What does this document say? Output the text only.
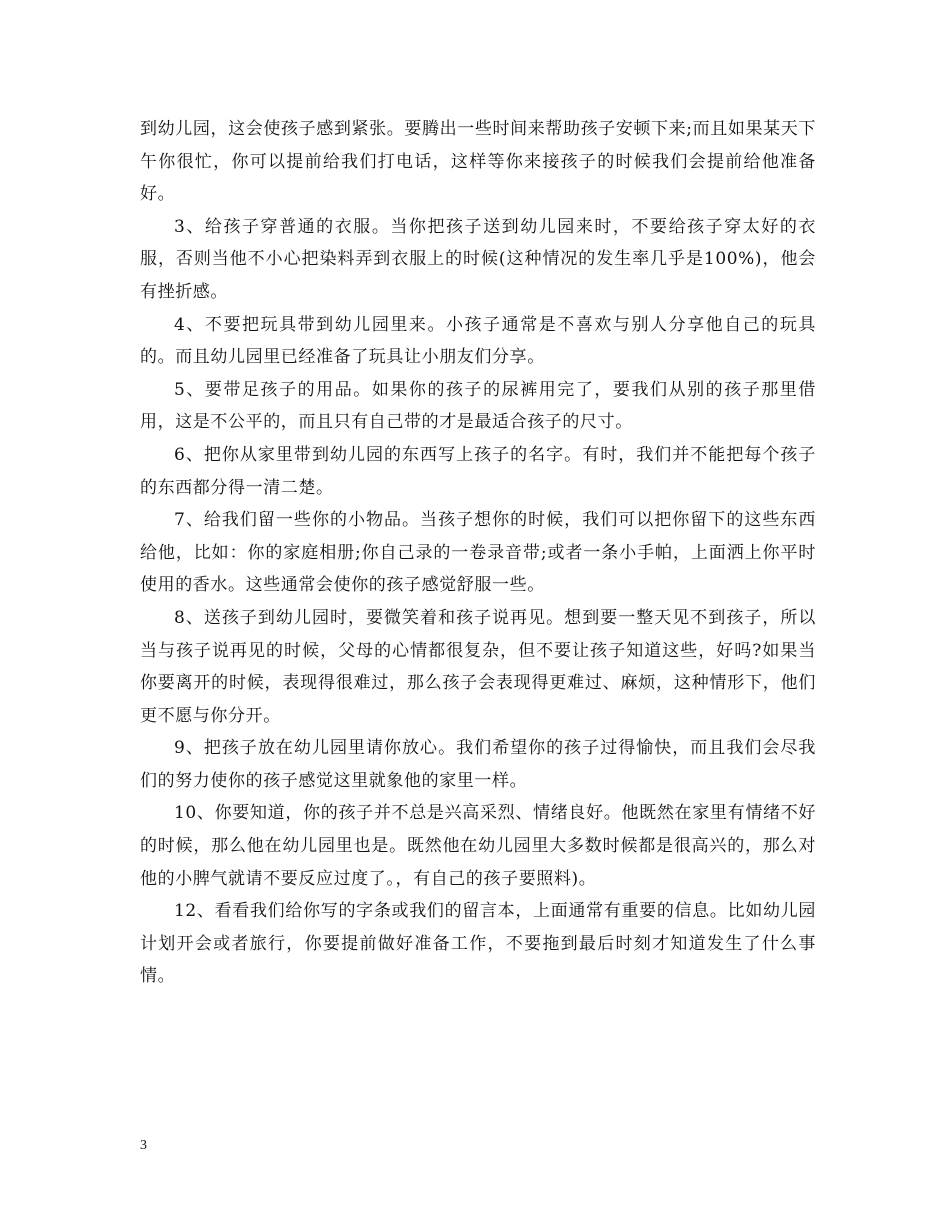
到幼儿园，这会使孩子感到紧张。要腾出一些时间来帮助孩子安顿下来;而且如果某天下午你很忙，你可以提前给我们打电话，这样等你来接孩子的时候我们会提前给他准备好。

3、给孩子穿普通的衣服。当你把孩子送到幼儿园来时，不要给孩子穿太好的衣服，否则当他不小心把染料弄到衣服上的时候(这种情况的发生率几乎是100%)，他会有挫折感。

4、不要把玩具带到幼儿园里来。小孩子通常是不喜欢与别人分享他自己的玩具的。而且幼儿园里已经准备了玩具让小朋友们分享。

5、要带足孩子的用品。如果你的孩子的尿裤用完了，要我们从别的孩子那里借用，这是不公平的，而且只有自己带的才是最适合孩子的尺寸。

6、把你从家里带到幼儿园的东西写上孩子的名字。有时，我们并不能把每个孩子的东西都分得一清二楚。

7、给我们留一些你的小物品。当孩子想你的时候，我们可以把你留下的这些东西给他，比如：你的家庭相册;你自己录的一卷录音带;或者一条小手帕，上面洒上你平时使用的香水。这些通常会使你的孩子感觉舒服一些。

8、送孩子到幼儿园时，要微笑着和孩子说再见。想到要一整天见不到孩子，所以当与孩子说再见的时候，父母的心情都很复杂，但不要让孩子知道这些，好吗?如果当你要离开的时候，表现得很难过，那么孩子会表现得更难过、麻烦，这种情形下，他们更不愿与你分开。

9、把孩子放在幼儿园里请你放心。我们希望你的孩子过得愉快，而且我们会尽我们的努力使你的孩子感觉这里就象他的家里一样。

10、你要知道，你的孩子并不总是兴高采烈、情绪良好。他既然在家里有情绪不好的时候，那么他在幼儿园里也是。既然他在幼儿园里大多数时候都是很高兴的，那么对他的小脾气就请不要反应过度了。，有自己的孩子要照料)。

12、看看我们给你写的字条或我们的留言本，上面通常有重要的信息。比如幼儿园计划开会或者旅行，你要提前做好准备工作，不要拖到最后时刻才知道发生了什么事情。

3
